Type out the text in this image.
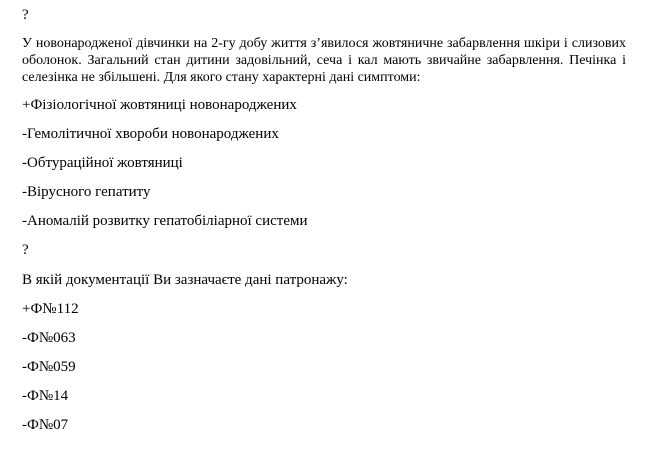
?
У новонародженої дівчинки на 2-гу добу життя з’явилося жовтяничне забарвлення шкіри і слизових оболонок. Загальний стан дитини задовільний, сеча і кал мають звичайне забарвлення. Печінка і селезінка не збільшені. Для якого стану характерні дані симптоми:
+Фізіологічної жовтяниці новонароджених
-Гемолітичної хвороби новонароджених
-Обтураційної жовтяниці
-Вірусного гепатиту
-Аномалій розвитку гепатобіліарної системи
?
В якій документації Ви зазначаєте дані патронажу:
+Ф№112
-Ф№063
-Ф№059
-Ф№14
-Ф№07
